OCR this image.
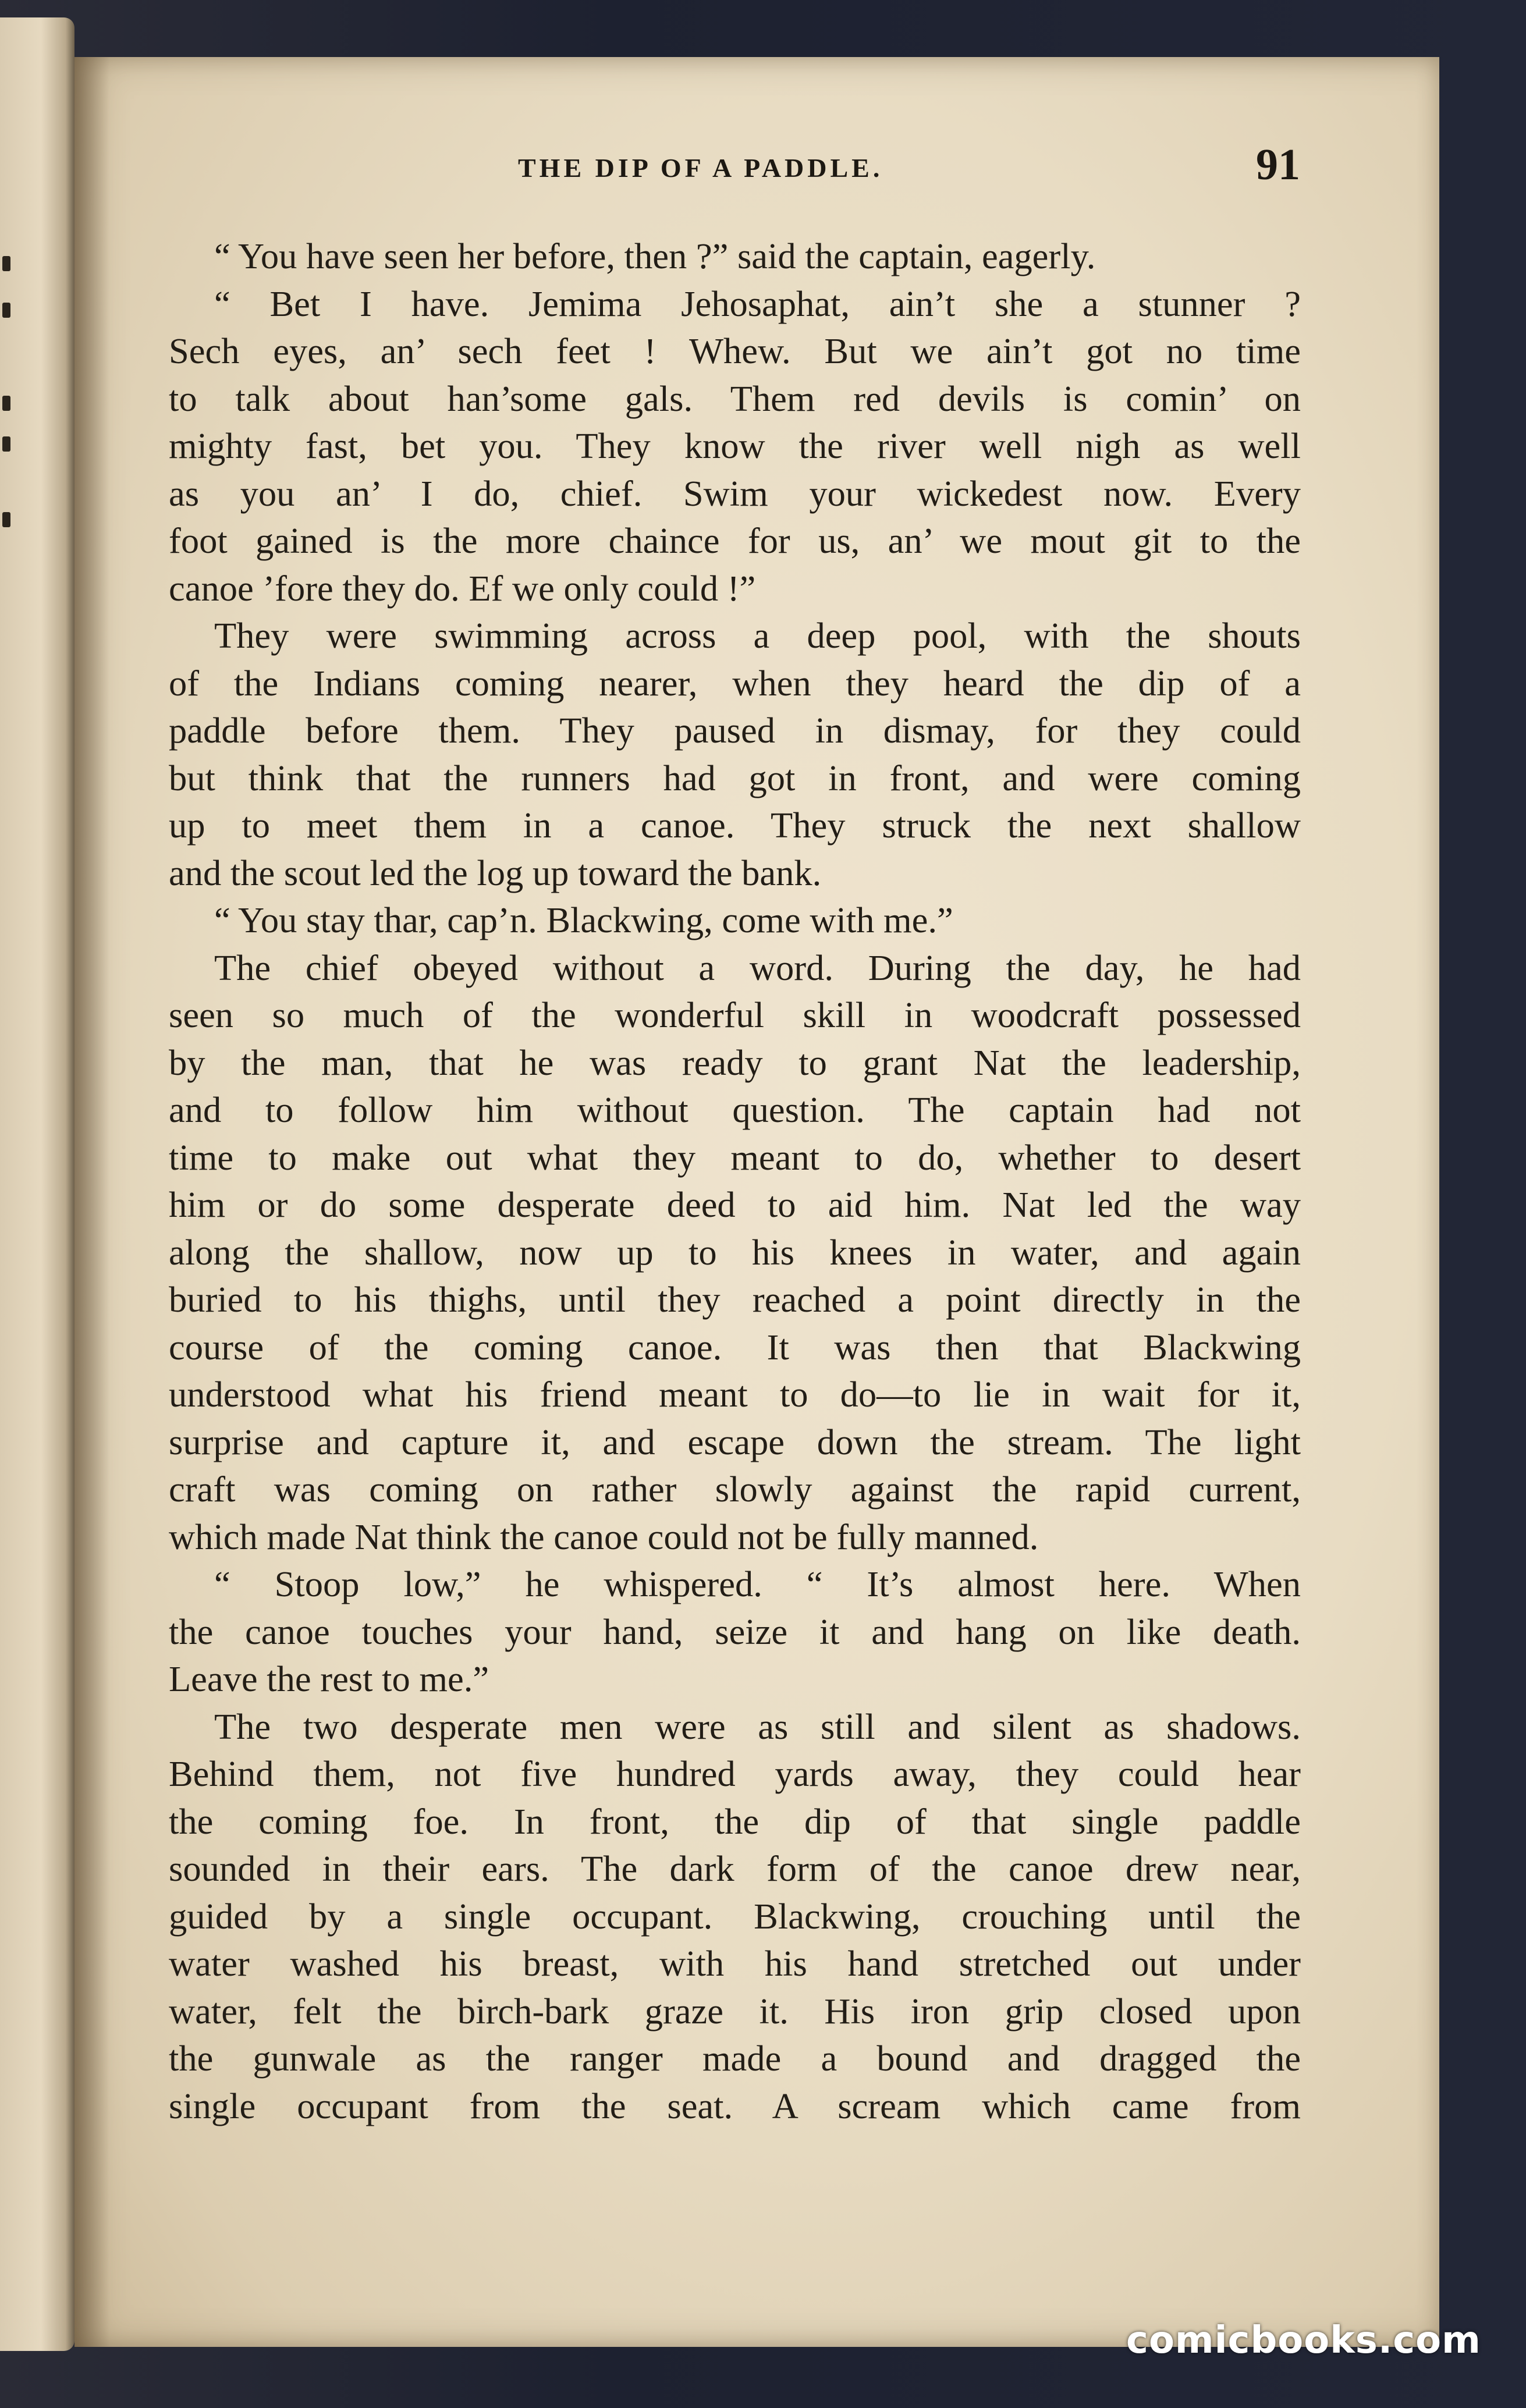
THE DIP OF A PADDLE.	91
“ You have seen her before, then ?” said the captain, eagerly.
“ Bet I have. Jemima Jehosaphat, ain’t she a stunner ?
Sech eyes, an’ sech feet ! Whew. But we ain’t got no time
to talk about han’some gals. Them red devils is comin’ on
mighty fast, bet you. They know the river well nigh as well
as you an’ I do, chief. Swim your wickedest now. Every
foot gained is the more chaince for us, an’ we mout git to the
canoe ’fore they do. Ef we only could !”
They were swimming across a deep pool, with the shouts
of the Indians coming nearer, when they heard the dip of a
paddle before them. They paused in dismay, for they could
but think that the runners had got in front, and were coming
up to meet them in a canoe. They struck the next shallow
and the scout led the log up toward the bank.
“ You stay thar, cap’n. Blackwing, come with me.”
The chief obeyed without a word. During the day, he had
seen so much of the wonderful skill in woodcraft possessed
by the man, that he was ready to grant Nat the leadership,
and to follow him without question. The captain had not
time to make out what they meant to do, whether to desert
him or do some desperate deed to aid him. Nat led the way
along the shallow, now up to his knees in water, and again
buried to his thighs, until they reached a point directly in the
course of the coming canoe. It was then that Blackwing
understood what his friend meant to do—to lie in wait for it,
surprise and capture it, and escape down the stream. The light
craft was coming on rather slowly against the rapid current,
which made Nat think the canoe could not be fully manned.
“ Stoop low,” he whispered. “ It’s almost here. When
the canoe touches your hand, seize it and hang on like death.
Leave the rest to me.”
The two desperate men were as still and silent as shadows.
Behind them, not five hundred yards away, they could hear
the coming foe. In front, the dip of that single paddle
sounded in their ears. The dark form of the canoe drew near,
guided by a single occupant. Blackwing, crouching until the
water washed his breast, with his hand stretched out under
water, felt the birch-bark graze it. His iron grip closed upon
the gunwale as the ranger made a bound and dragged the
single occupant from the seat. A scream which came from
comicbooks.com
